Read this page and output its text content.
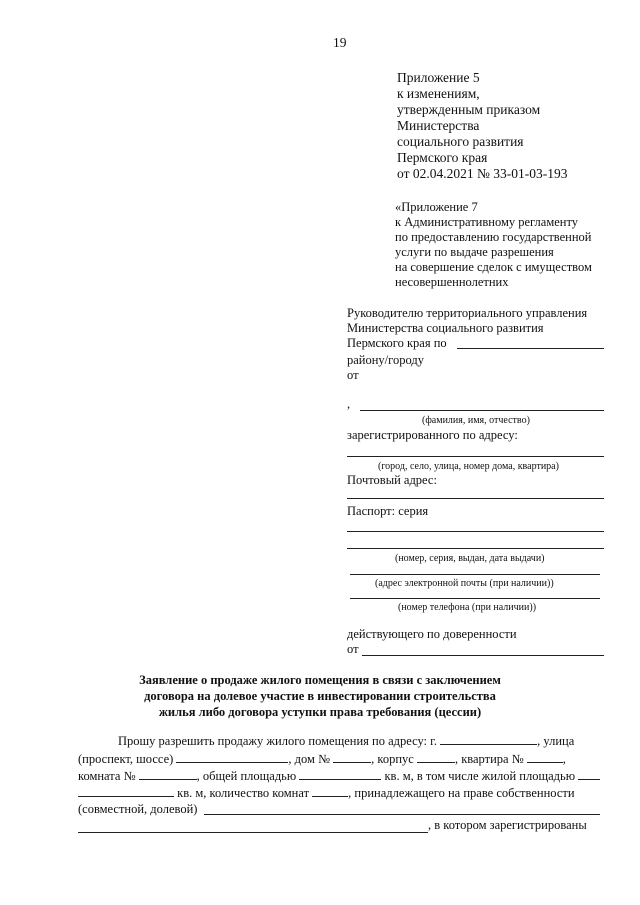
19
Приложение 5
к изменениям,
утвержденным приказом
Министерства
социального развития
Пермского края
от 02.04.2021 № 33-01-03-193
«Приложение 7
к Административному регламенту
по предоставлению государственной
услуги по выдаче разрешения
на совершение сделок с имуществом
несовершеннолетних
Руководителю территориального управления
Министерства социального развития
Пермского края по
району/городу
от
,
(фамилия, имя, отчество)
зарегистрированного по адресу:
(город, село, улица, номер дома, квартира)
Почтовый адрес:
Паспорт: серия
(номер, серия, выдан, дата выдачи)
(адрес электронной почты (при наличии))
(номер телефона (при наличии))
действующего по доверенности
от
Заявление о продаже жилого помещения в связи с заключением
договора на долевое участие в инвестировании строительства
жилья либо договора уступки права требования (цессии)
Прошу разрешить продажу жилого помещения по адресу: г.	, улица
(проспект, шоссе)	, дом №	, корпус	, квартира №	,
комната №	, общей площадью	кв. м, в том числе жилой площадью
кв. м, количество комнат	, принадлежащего на праве собственности
(совместной, долевой)
, в котором зарегистрированы
